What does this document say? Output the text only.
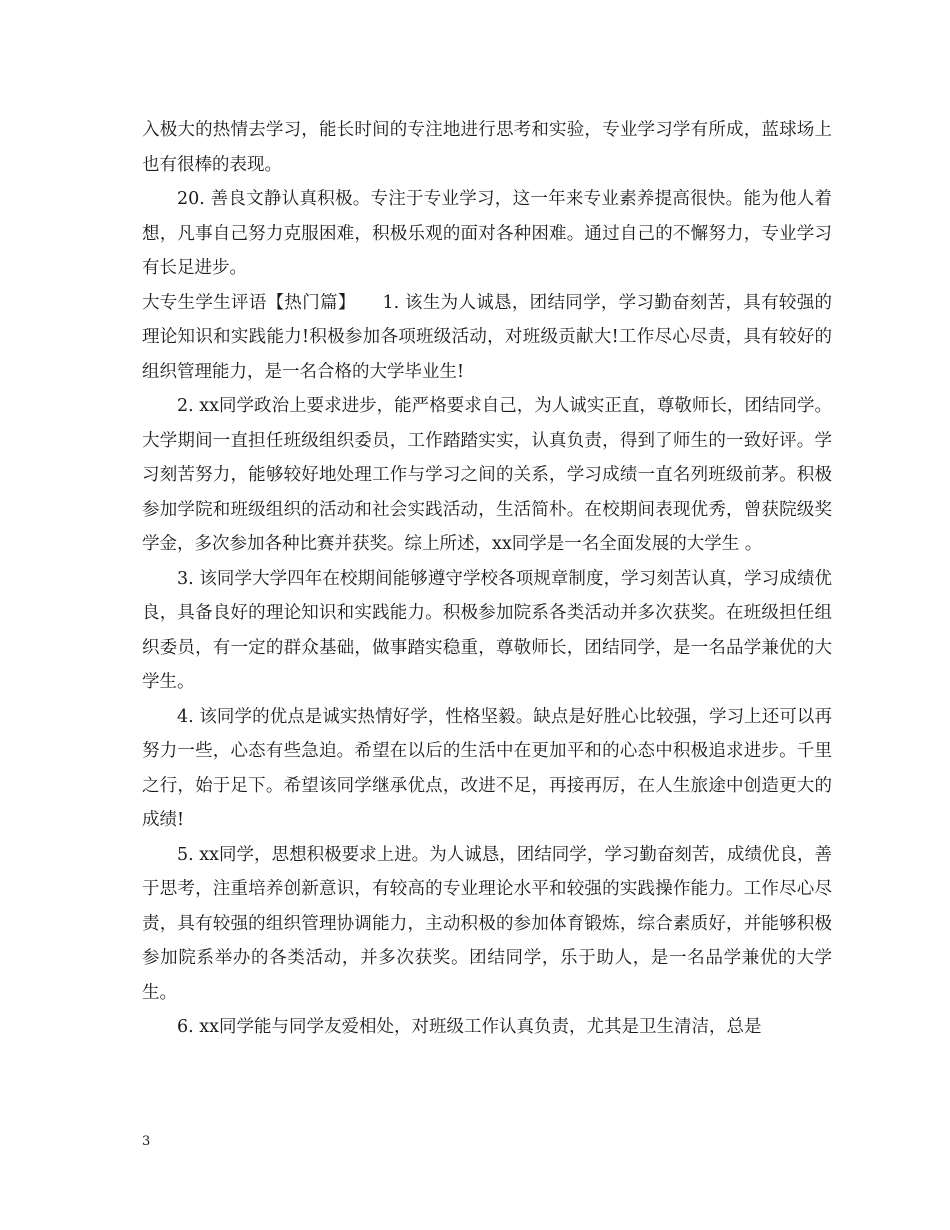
入极大的热情去学习，能长时间的专注地进行思考和实验，专业学习学有所成，蓝球场上也有很棒的表现。

20. 善良文静认真积极。专注于专业学习，这一年来专业素养提高很快。能为他人着想，凡事自己努力克服困难，积极乐观的面对各种困难。通过自己的不懈努力，专业学习有长足进步。

大专生学生评语【热门篇】　　1. 该生为人诚恳，团结同学，学习勤奋刻苦，具有较强的理论知识和实践能力!积极参加各项班级活动，对班级贡献大!工作尽心尽责，具有较好的组织管理能力，是一名合格的大学毕业生!

2. xx同学政治上要求进步，能严格要求自己，为人诚实正直，尊敬师长，团结同学。大学期间一直担任班级组织委员，工作踏踏实实，认真负责，得到了师生的一致好评。学习刻苦努力，能够较好地处理工作与学习之间的关系，学习成绩一直名列班级前茅。积极参加学院和班级组织的活动和社会实践活动，生活简朴。在校期间表现优秀，曾获院级奖学金，多次参加各种比赛并获奖。综上所述，xx同学是一名全面发展的大学生 。

3. 该同学大学四年在校期间能够遵守学校各项规章制度，学习刻苦认真，学习成绩优良，具备良好的理论知识和实践能力。积极参加院系各类活动并多次获奖。在班级担任组织委员，有一定的群众基础，做事踏实稳重，尊敬师长，团结同学，是一名品学兼优的大学生。

4. 该同学的优点是诚实热情好学，性格坚毅。缺点是好胜心比较强，学习上还可以再努力一些，心态有些急迫。希望在以后的生活中在更加平和的心态中积极追求进步。千里之行，始于足下。希望该同学继承优点，改进不足，再接再厉，在人生旅途中创造更大的成绩!

5. xx同学，思想积极要求上进。为人诚恳，团结同学，学习勤奋刻苦，成绩优良，善于思考，注重培养创新意识，有较高的专业理论水平和较强的实践操作能力。工作尽心尽责，具有较强的组织管理协调能力，主动积极的参加体育锻炼，综合素质好，并能够积极参加院系举办的各类活动，并多次获奖。团结同学，乐于助人，是一名品学兼优的大学生。

6. xx同学能与同学友爱相处，对班级工作认真负责，尤其是卫生清洁，总是

3
